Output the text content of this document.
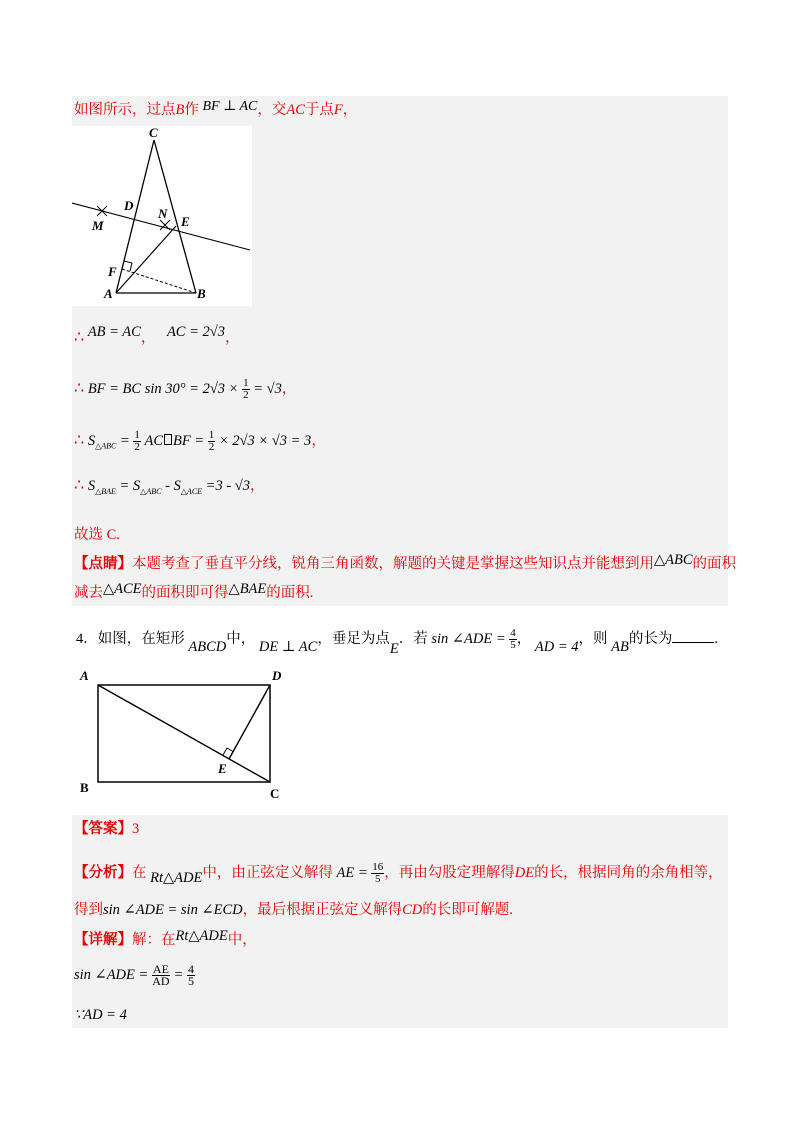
如图所示，过点B作 BF ⊥ AC，交AC于点F，
C
D
N
E
M
F
A	B
∴ AB = AC， AC = 2√3，
∴ BF = BC $\sin 30^\circ = 2√3 \times \frac{1}{2} = √3$，
∴ $S_{\triangle ABC} = \frac{1}{2}$ AC BF = $\frac{1}{2} \times 2√3 \times √3 = 3$，
∴ $S_{\triangle BAE} = S_{\triangle ABC} - S_{\triangle ACE} =3 - √3$，
故选 C.
【点睛】本题考查了垂直平分线，锐角三角函数，解题的关键是掌握这些知识点并能想到用△ABC的面积
减去△ACE的面积即可得△BAE的面积.
4．如图，在矩形 ABCD中， DE ⊥ AC，垂足为点E．若 sin ∠ADE = $\frac{4}{5}$ ， AD = 4，则 AB的长为	.
A	D
B	C
E
【答案】3
【分析】在 Rt△ADE中，由正弦定义解得 AE = $\frac{16}{5}$ ，再由勾股定理解得DE的长，根据同角的余角相等，
得到sin ∠ADE = sin ∠ECD，最后根据正弦定义解得CD的长即可解题.
【详解】解：在Rt△ADE中，
sin ∠ADE = $\frac{AE}{AD} = \frac{4}{5}$
∵AD = 4
